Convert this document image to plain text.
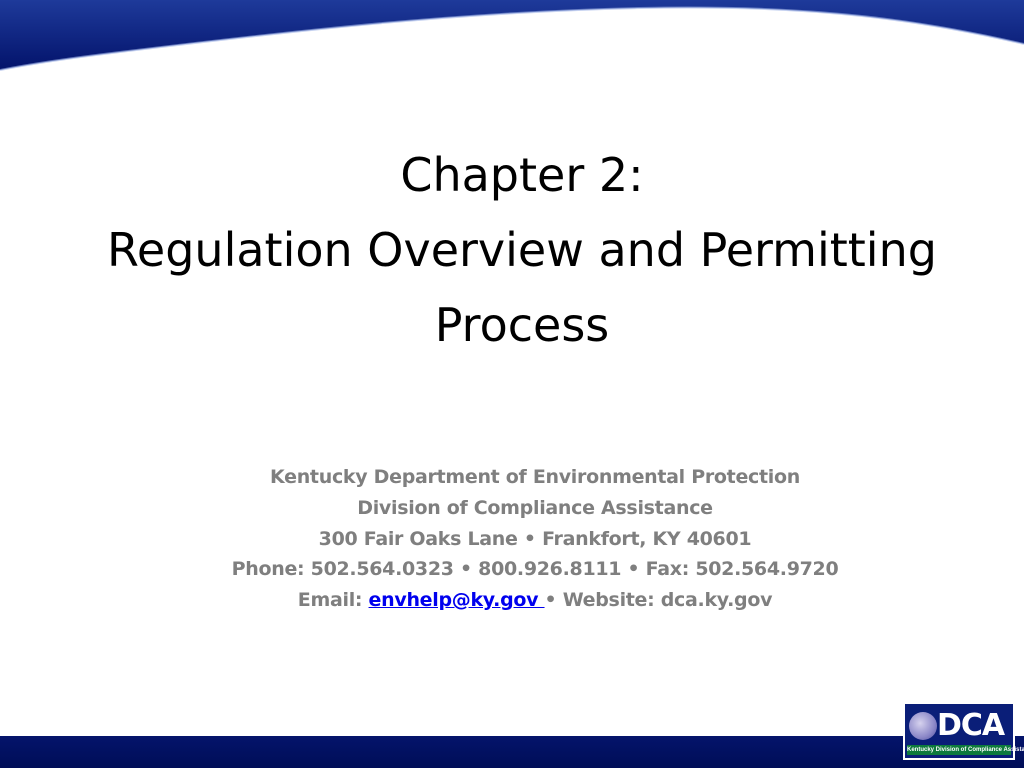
Chapter 2:
Regulation Overview and Permitting
Process
Kentucky Department of Environmental Protection
Division of Compliance Assistance
300 Fair Oaks Lane • Frankfort, KY 40601
Phone: 502.564.0323 • 800.926.8111 • Fax: 502.564.9720
Email: envhelp@ky.gov • Website: dca.ky.gov
DCA
Kentucky Division of Compliance Assistance
